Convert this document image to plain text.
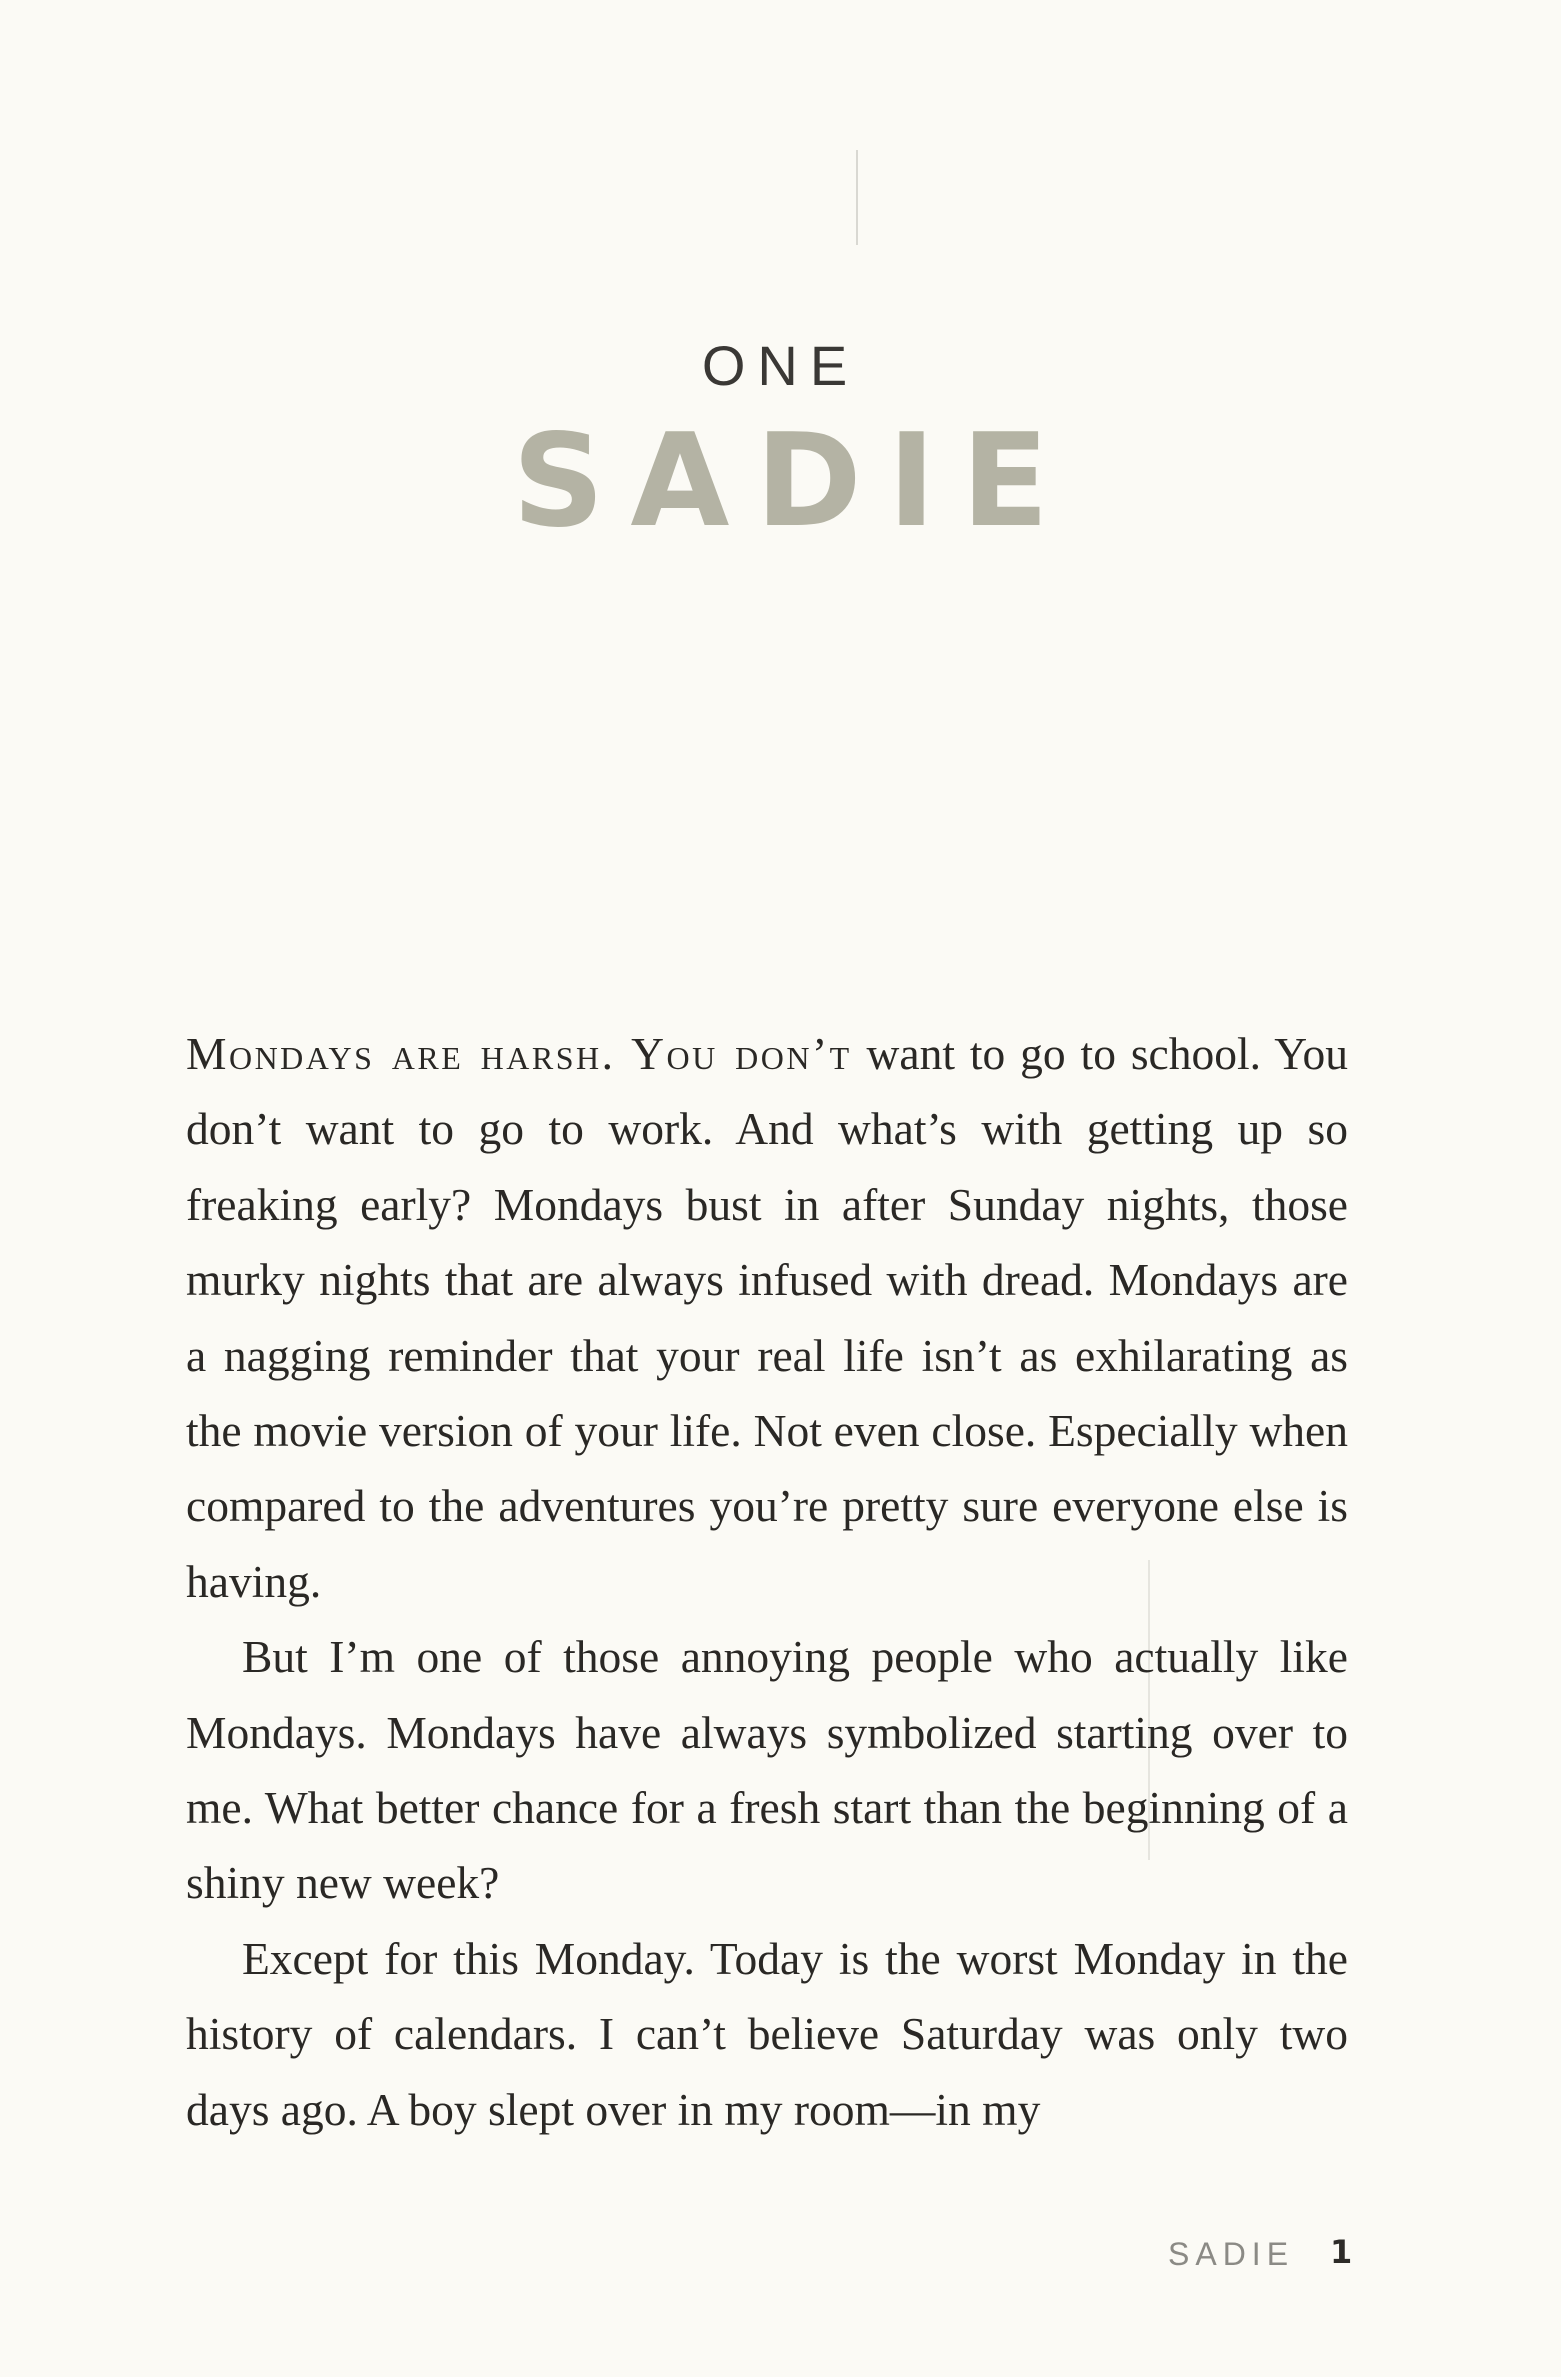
ONE
SADIE

Mondays are harsh. You don’t want to go to school. You don’t want to go to work. And what’s with getting up so freaking early? Mondays bust in after Sunday nights, those murky nights that are always infused with dread. Mondays are a nagging reminder that your real life isn’t as exhilarating as the movie version of your life. Not even close. Especially when compared to the adventures you’re pretty sure everyone else is having.

But I’m one of those annoying people who actually like Mondays. Mondays have always symbolized starting over to me. What better chance for a fresh start than the beginning of a shiny new week?

Except for this Monday. Today is the worst Monday in the history of calendars. I can’t believe Saturday was only two days ago. A boy slept over in my room—in my

SADIE 1
